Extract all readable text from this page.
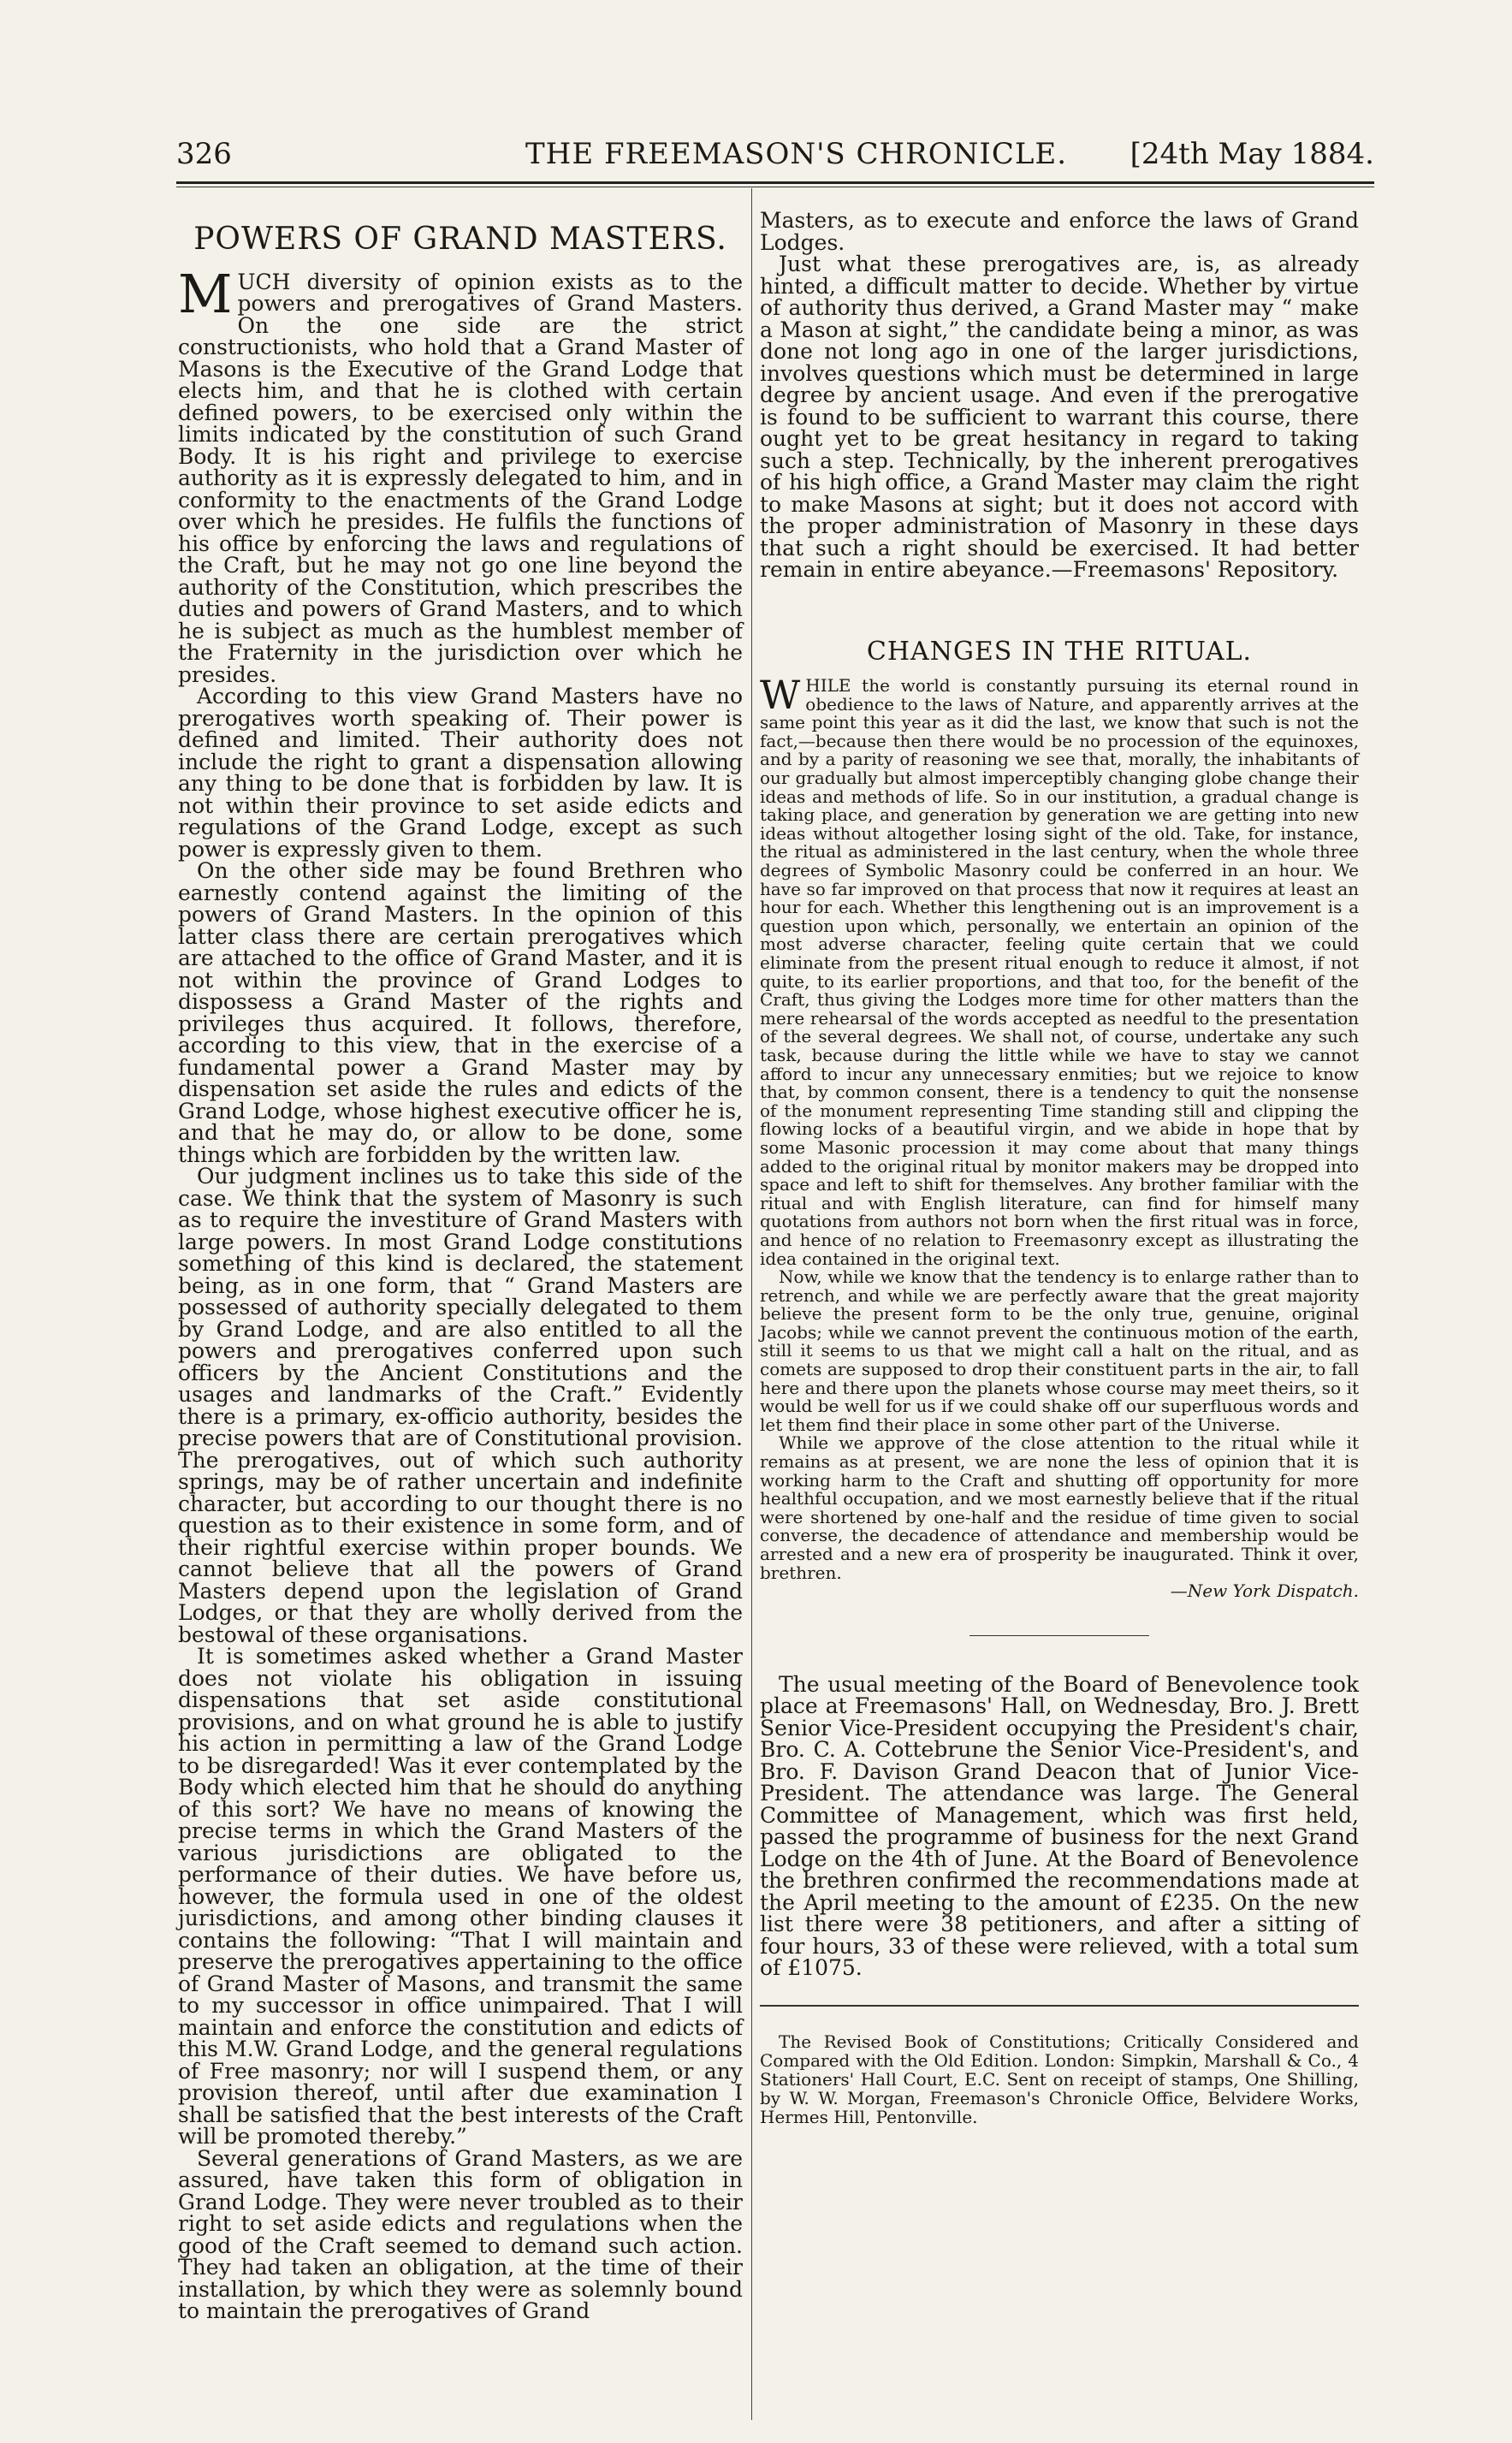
326	THE FREEMASON'S CHRONICLE. [24th May 1884.
POWERS OF GRAND MASTERS.

MUCH diversity of opinion exists as to the powers and prerogatives of Grand Masters. On the one side are the strict constructionists, who hold that a Grand Master of Masons is the Executive of the Grand Lodge that elects him, and that he is clothed with certain defined powers, to be exercised only within the limits indicated by the constitution of such Grand Body. It is his right and privilege to exercise authority as it is expressly delegated to him, and in conformity to the enactments of the Grand Lodge over which he presides. He fulfils the functions of his office by enforcing the laws and regulations of the Craft, but he may not go one line beyond the authority of the Constitution, which prescribes the duties and powers of Grand Masters, and to which he is subject as much as the humblest member of the Fraternity in the jurisdiction over which he presides.

According to this view Grand Masters have no prerogatives worth speaking of. Their power is defined and limited. Their authority does not include the right to grant a dispensation allowing any thing to be done that is forbidden by law. It is not within their province to set aside edicts and regulations of the Grand Lodge, except as such power is expressly given to them.

On the other side may be found Brethren who earnestly contend against the limiting of the powers of Grand Masters. In the opinion of this latter class there are certain prerogatives which are attached to the office of Grand Master, and it is not within the province of Grand Lodges to dispossess a Grand Master of the rights and privileges thus acquired. It follows, therefore, according to this view, that in the exercise of a fundamental power a Grand Master may by dispensation set aside the rules and edicts of the Grand Lodge, whose highest executive officer he is, and that he may do, or allow to be done, some things which are forbidden by the written law.

Our judgment inclines us to take this side of the case. We think that the system of Masonry is such as to require the investiture of Grand Masters with large powers. In most Grand Lodge constitutions something of this kind is declared, the statement being, as in one form, that “ Grand Masters are possessed of authority specially delegated to them by Grand Lodge, and are also entitled to all the powers and prerogatives conferred upon such officers by the Ancient Constitutions and the usages and landmarks of the Craft.” Evidently there is a primary, ex-officio authority, besides the precise powers that are of Constitutional provision. The prerogatives, out of which such authority springs, may be of rather uncertain and indefinite character, but according to our thought there is no question as to their existence in some form, and of their rightful exercise within proper bounds. We cannot believe that all the powers of Grand Masters depend upon the legislation of Grand Lodges, or that they are wholly derived from the bestowal of these organisations.

It is sometimes asked whether a Grand Master does not violate his obligation in issuing dispensations that set aside constitutional provisions, and on what ground he is able to justify his action in permitting a law of the Grand Lodge to be disregarded! Was it ever contemplated by the Body which elected him that he should do anything of this sort? We have no means of knowing the precise terms in which the Grand Masters of the various jurisdictions are obligated to the performance of their duties. We have before us, however, the formula used in one of the oldest jurisdictions, and among other binding clauses it contains the following: “That I will maintain and preserve the prerogatives appertaining to the office of Grand Master of Masons, and transmit the same to my successor in office unimpaired. That I will maintain and enforce the constitution and edicts of this M.W. Grand Lodge, and the general regulations of Free masonry; nor will I suspend them, or any provision thereof, until after due examination I shall be satisfied that the best interests of the Craft will be promoted thereby.”

Several generations of Grand Masters, as we are assured, have taken this form of obligation in Grand Lodge. They were never troubled as to their right to set aside edicts and regulations when the good of the Craft seemed to demand such action. They had taken an obligation, at the time of their installation, by which they were as solemnly bound to maintain the prerogatives of Grand

Masters, as to execute and enforce the laws of Grand Lodges.

Just what these prerogatives are, is, as already hinted, a difficult matter to decide. Whether by virtue of authority thus derived, a Grand Master may “ make a Mason at sight,” the candidate being a minor, as was done not long ago in one of the larger jurisdictions, involves questions which must be determined in large degree by ancient usage. And even if the prerogative is found to be sufficient to warrant this course, there ought yet to be great hesitancy in regard to taking such a step. Technically, by the inherent prerogatives of his high office, a Grand Master may claim the right to make Masons at sight; but it does not accord with the proper administration of Masonry in these days that such a right should be exercised. It had better remain in entire abeyance.—Freemasons' Repository.

CHANGES IN THE RITUAL.

WHILE the world is constantly pursuing its eternal round in obedience to the laws of Nature, and apparently arrives at the same point this year as it did the last, we know that such is not the fact,—because then there would be no procession of the equinoxes, and by a parity of reasoning we see that, morally, the inhabitants of our gradually but almost imperceptibly changing globe change their ideas and methods of life. So in our institution, a gradual change is taking place, and generation by generation we are getting into new ideas without altogether losing sight of the old. Take, for instance, the ritual as administered in the last century, when the whole three degrees of Symbolic Masonry could be conferred in an hour. We have so far improved on that process that now it requires at least an hour for each. Whether this lengthening out is an improvement is a question upon which, personally, we entertain an opinion of the most adverse character, feeling quite certain that we could eliminate from the present ritual enough to reduce it almost, if not quite, to its earlier proportions, and that too, for the benefit of the Craft, thus giving the Lodges more time for other matters than the mere rehearsal of the words accepted as needful to the presentation of the several degrees. We shall not, of course, undertake any such task, because during the little while we have to stay we cannot afford to incur any unnecessary enmities; but we rejoice to know that, by common consent, there is a tendency to quit the nonsense of the monument representing Time standing still and clipping the flowing locks of a beautiful virgin, and we abide in hope that by some Masonic procession it may come about that many things added to the original ritual by monitor makers may be dropped into space and left to shift for themselves. Any brother familiar with the ritual and with English literature, can find for himself many quotations from authors not born when the first ritual was in force, and hence of no relation to Freemasonry except as illustrating the idea contained in the original text.

Now, while we know that the tendency is to enlarge rather than to retrench, and while we are perfectly aware that the great majority believe the present form to be the only true, genuine, original Jacobs; while we cannot prevent the continuous motion of the earth, still it seems to us that we might call a halt on the ritual, and as comets are supposed to drop their constituent parts in the air, to fall here and there upon the planets whose course may meet theirs, so it would be well for us if we could shake off our superfluous words and let them find their place in some other part of the Universe.

While we approve of the close attention to the ritual while it remains as at present, we are none the less of opinion that it is working harm to the Craft and shutting off opportunity for more healthful occupation, and we most earnestly believe that if the ritual were shortened by one-half and the residue of time given to social converse, the decadence of attendance and membership would be arrested and a new era of prosperity be inaugurated. Think it over, brethren.

—New York Dispatch.

The usual meeting of the Board of Benevolence took place at Freemasons' Hall, on Wednesday, Bro. J. Brett Senior Vice-President occupying the President's chair, Bro. C. A. Cottebrune the Senior Vice-President's, and Bro. F. Davison Grand Deacon that of Junior Vice-President. The attendance was large. The General Committee of Management, which was first held, passed the programme of business for the next Grand Lodge on the 4th of June. At the Board of Benevolence the brethren confirmed the recommendations made at the April meeting to the amount of £235. On the new list there were 38 petitioners, and after a sitting of four hours, 33 of these were relieved, with a total sum of £1075.

The Revised Book of Constitutions; Critically Considered and Compared with the Old Edition. London: Simpkin, Marshall & Co., 4 Stationers' Hall Court, E.C. Sent on receipt of stamps, One Shilling, by W. W. Morgan, Freemason's Chronicle Office, Belvidere Works, Hermes Hill, Pentonville.
